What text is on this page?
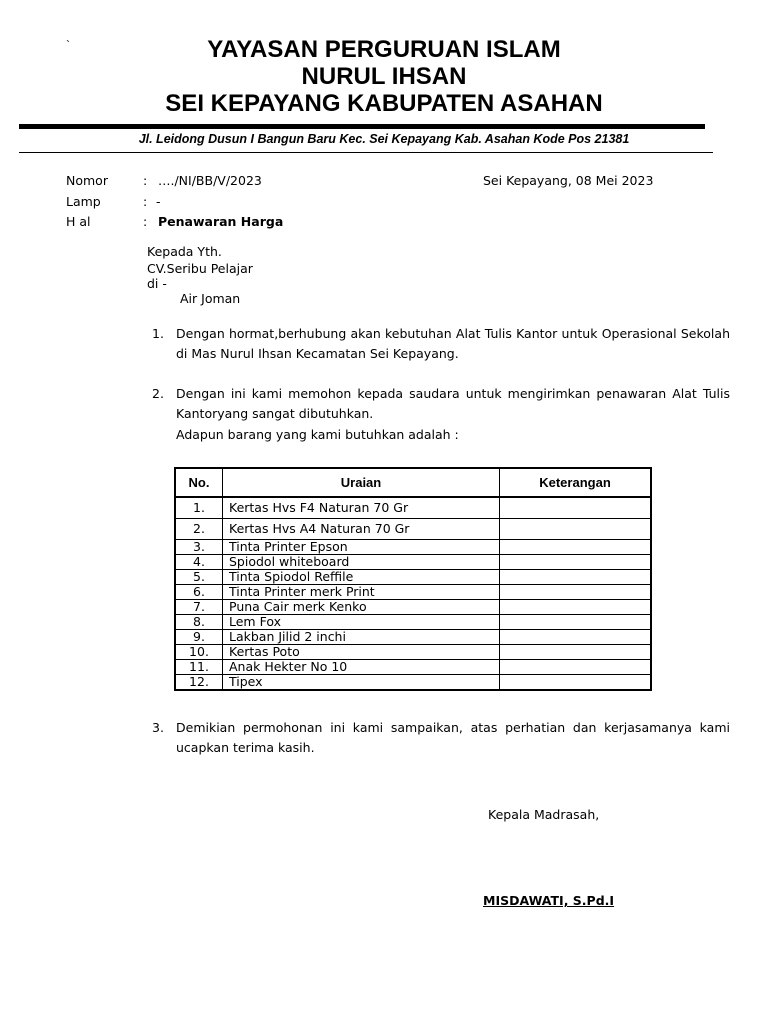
`	YAYASAN PERGURUAN ISLAM
NURUL IHSAN
SEI KEPAYANG KABUPATEN ASAHAN
Jl. Leidong Dusun I Bangun Baru Kec. Sei Kepayang Kab. Asahan Kode Pos 21381
Nomor	: …./NI/BB/V/2023	Sei Kepayang, 08 Mei 2023
Lamp	: -
H al	: Penawaran Harga
Kepada Yth.
CV.Seribu Pelajar
di -
Air Joman
1. Dengan hormat,berhubung akan kebutuhan Alat Tulis Kantor untuk Operasional Sekolah di Mas Nurul Ihsan Kecamatan Sei Kepayang.
2. Dengan ini kami memohon kepada saudara untuk mengirimkan penawaran Alat Tulis Kantoryang sangat dibutuhkan.
Adapun barang yang kami butuhkan adalah :
No.	Uraian	Keterangan
1.	Kertas Hvs F4 Naturan 70 Gr	
2.	Kertas Hvs A4 Naturan 70 Gr	
3.	Tinta Printer Epson	
4.	Spiodol whiteboard	
5.	Tinta Spiodol Reffile	
6.	Tinta Printer merk Print	
7.	Puna Cair merk Kenko	
8.	Lem Fox	
9.	Lakban Jilid 2 inchi	
10.	Kertas Poto	
11.	Anak Hekter No 10	
12.	Tipex	
3. Demikian permohonan ini kami sampaikan, atas perhatian dan kerjasamanya kami ucapkan terima kasih.
Kepala Madrasah,
MISDAWATI, S.Pd.I
